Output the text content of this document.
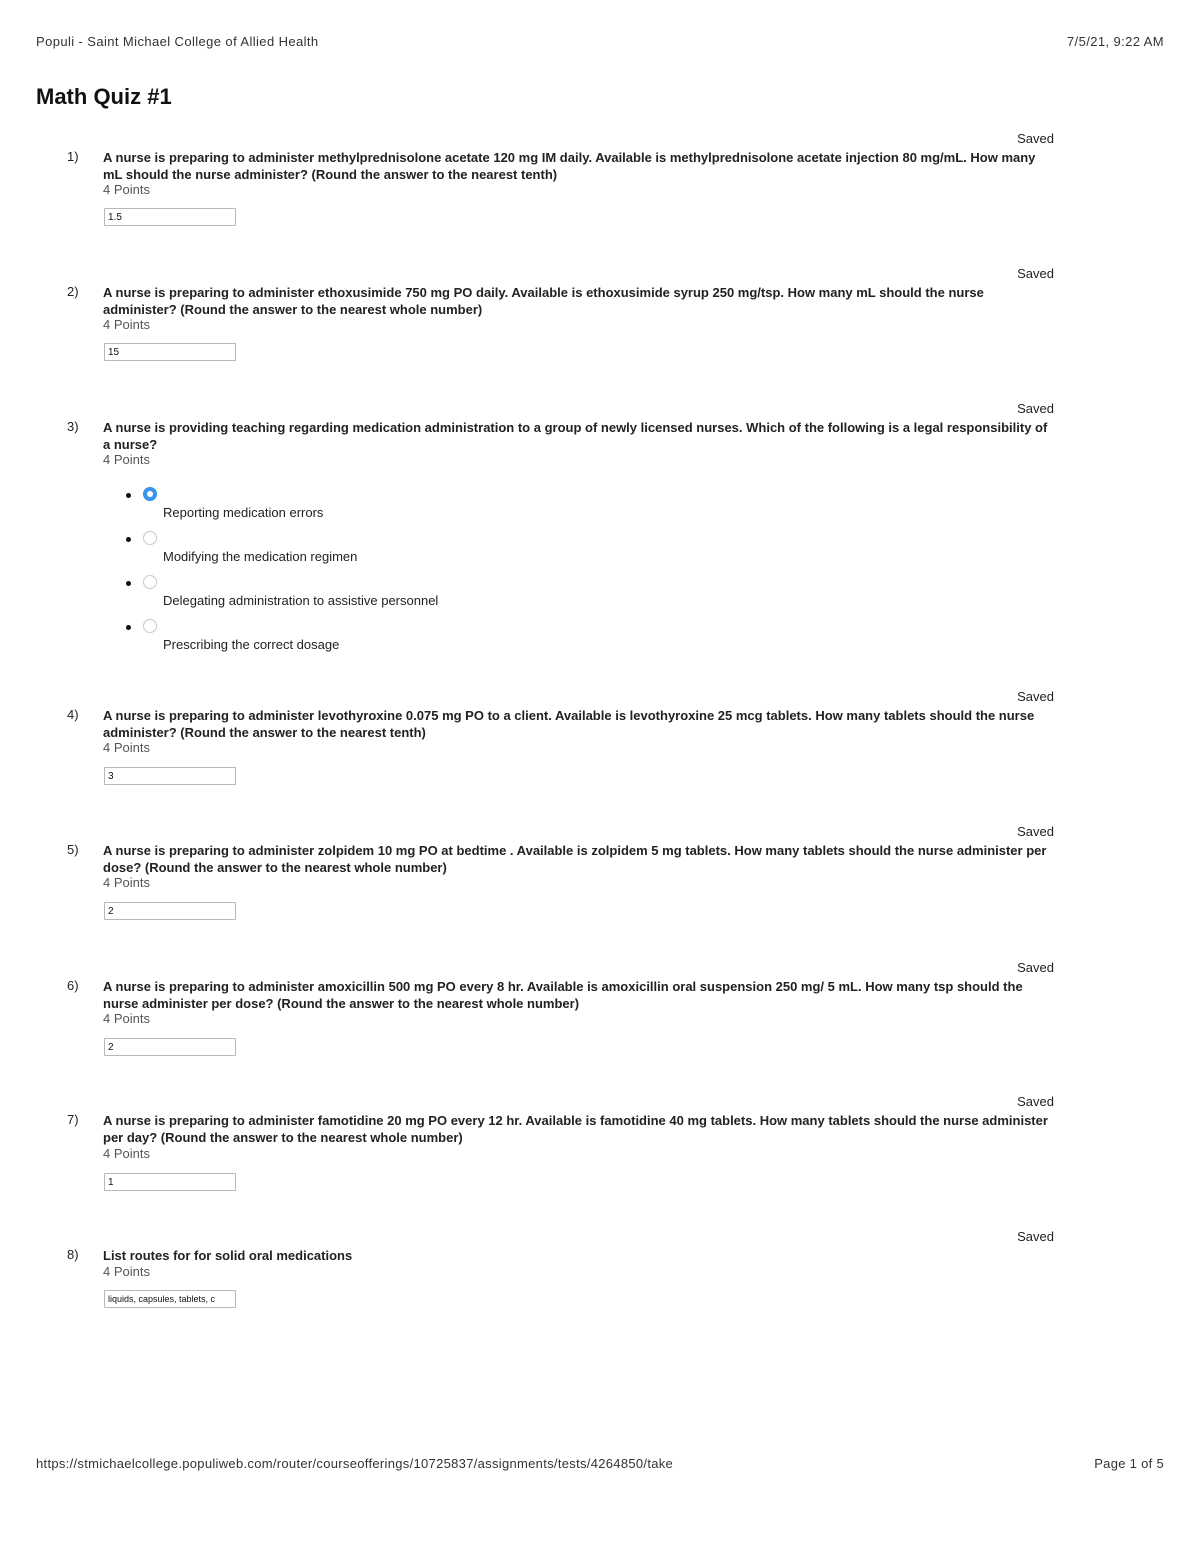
Populi - Saint Michael College of Allied Health	7/5/21, 9:22 AM
Math Quiz #1
Saved
1) A nurse is preparing to administer methylprednisolone acetate 120 mg IM daily. Available is methylprednisolone acetate injection 80 mg/mL. How many mL should the nurse administer? (Round the answer to the nearest tenth)

4 Points
1.5
Saved
2) A nurse is preparing to administer ethoxusimide 750 mg PO daily. Available is ethoxusimide syrup 250 mg/tsp. How many mL should the nurse administer? (Round the answer to the nearest whole number)

4 Points
15
Saved
3) A nurse is providing teaching regarding medication administration to a group of newly licensed nurses. Which of the following is a legal responsibility of a nurse?

4 Points
Reporting medication errors
Modifying the medication regimen
Delegating administration to assistive personnel
Prescribing the correct dosage
Saved
4) A nurse is preparing to administer levothyroxine 0.075 mg PO to a client. Available is levothyroxine 25 mcg tablets. How many tablets should the nurse administer? (Round the answer to the nearest tenth)

4 Points
3
Saved
5) A nurse is preparing to administer zolpidem 10 mg PO at bedtime . Available is zolpidem 5 mg tablets. How many tablets should the nurse administer per dose? (Round the answer to the nearest whole number)

4 Points
2
Saved
6) A nurse is preparing to administer amoxicillin 500 mg PO every 8 hr. Available is amoxicillin oral suspension 250 mg/ 5 mL. How many tsp should the nurse administer per dose? (Round the answer to the nearest whole number)

4 Points
2
Saved
7) A nurse is preparing to administer famotidine 20 mg PO every 12 hr. Available is famotidine 40 mg tablets. How many tablets should the nurse administer per day? (Round the answer to the nearest whole number)

4 Points
1
Saved
8) List routes for for solid oral medications

4 Points
liquids, capsules, tablets, c
https://stmichaelcollege.populiweb.com/router/courseofferings/10725837/assignments/tests/4264850/take	Page 1 of 5
